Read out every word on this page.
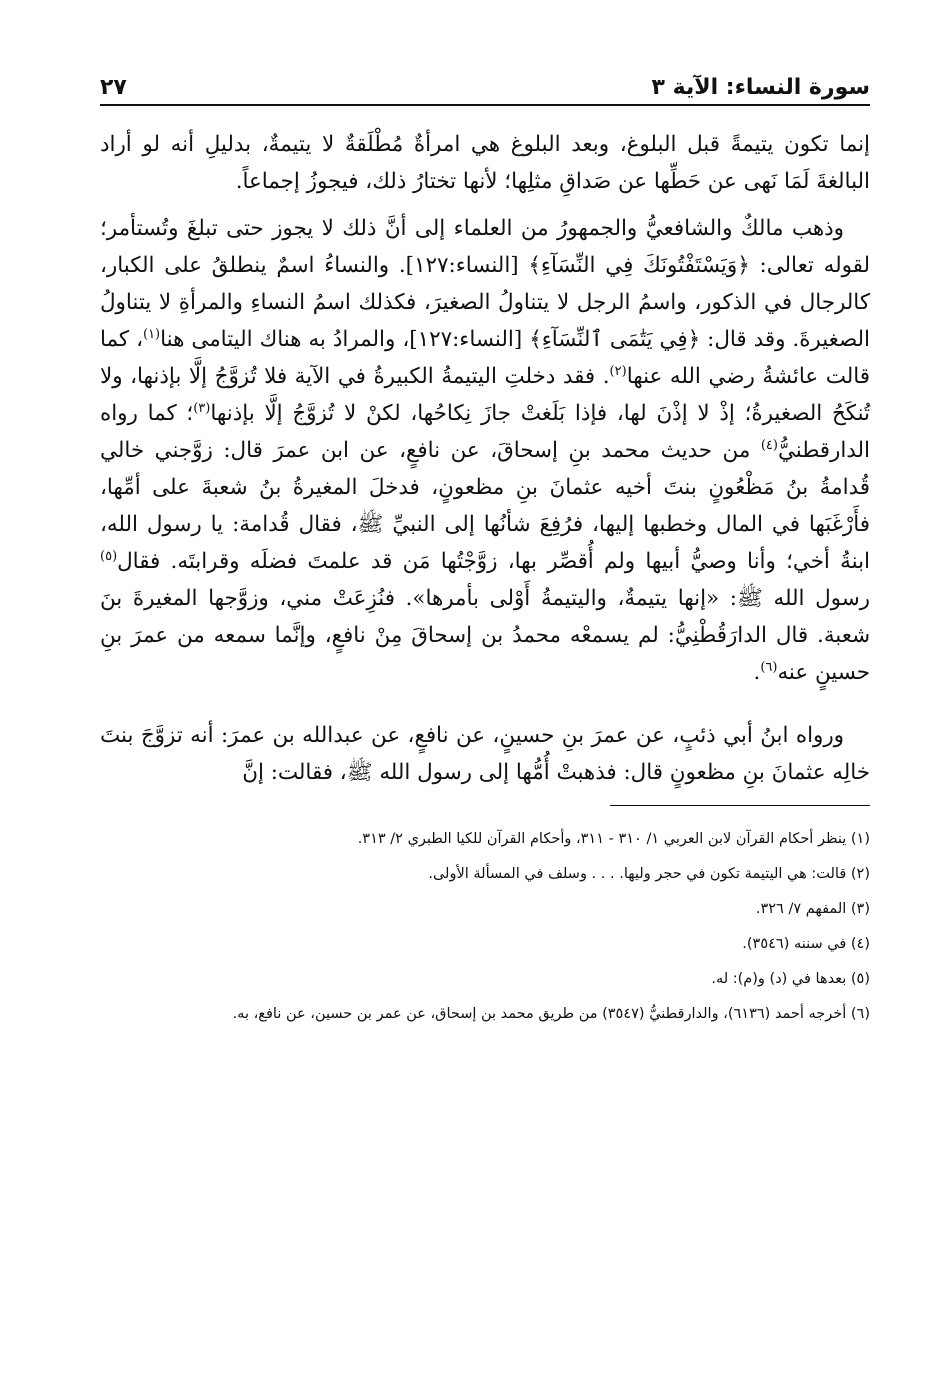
سورة النساء: الآية ٣
٢٧

إنما تكون يتيمةً قبل البلوغ، وبعد البلوغ هي امرأةٌ مُطْلَقةٌ لا يتيمةٌ، بدليلِ أنه لو أراد البالغةَ لَمَا نَهى عن حَطِّها عن صَداقِ مثلِها؛ لأنها تختارُ ذلك، فيجوزُ إجماعاً.

وذهب مالكٌ والشافعيُّ والجمهورُ من العلماء إلى أنَّ ذلك لا يجوز حتى تبلغَ وتُستأمر؛ لقوله تعالى: ﴿وَيَسْتَفْتُونَكَ فِي النِّسَآءِ﴾ [النساء:١٢٧]. والنساءُ اسمٌ ينطلقُ على الكبار، كالرجال في الذكور، واسمُ الرجل لا يتناولُ الصغيرَ، فكذلك اسمُ النساءِ والمرأةِ لا يتناولُ الصغيرةَ. وقد قال: ﴿فِي يَتَٰمَى ٱلنِّسَآءِ﴾ [النساء:١٢٧]، والمرادُ به هناك اليتامى هنا$^{(١)}$، كما قالت عائشةُ رضي الله عنها$^{(٢)}$. فقد دخلتِ اليتيمةُ الكبيرةُ في الآية فلا تُزوَّجُ إلَّا بإذنها، ولا تُنكَحُ الصغيرةُ؛ إذْ لا إذْنَ لها، فإذا بَلَغتْ جازَ نِكاحُها، لكنْ لا تُزوَّجُ إلَّا بإذنها$^{(٣)}$؛ كما رواه الدارقطنيُّ$^{(٤)}$ من حديث محمد بنِ إسحاقَ، عن نافعٍ، عن ابن عمرَ قال: زوَّجني خالي قُدامةُ بنُ مَظْعُونٍ بنتَ أخيه عثمانَ بنِ مظعونٍ، فدخلَ المغيرةُ بنُ شعبةَ على أمِّها، فأَرْغَبَها في المال وخطبها إليها، فرُفِعَ شأنُها إلى النبيِّ ﷺ، فقال قُدامة: يا رسول الله، ابنةُ أخي؛ وأنا وصيُّ أبيها ولم أُقصِّر بها، زوَّجْتُها مَن قد علمتَ فضلَه وقرابتَه. فقال$^{(٥)}$ رسول الله ﷺ: «إنها يتيمةٌ، واليتيمةُ أَوْلى بأمرها». فنُزِعَتْ مني، وزوَّجها المغيرةَ بنَ شعبة. قال الدارَقُطْنِيُّ: لم يسمعْه محمدُ بن إسحاقَ مِنْ نافعٍ، وإنَّما سمعه من عمرَ بنِ حسينٍ عنه$^{(٦)}$.

ورواه ابنُ أبي ذئبٍ، عن عمرَ بنِ حسينٍ، عن نافعٍ، عن عبدالله بن عمرَ: أنه تزوَّجَ بنتَ خالِه عثمانَ بنِ مظعونٍ قال: فذهبتْ أُمُّها إلى رسول الله ﷺ، فقالت: إنَّ

(١) ينظر أحكام القرآن لابن العربي ١/ ٣١٠ - ٣١١، وأحكام القرآن للكيا الطبري ٢/ ٣١٣.

(٢) قالت: هي اليتيمة تكون في حجر وليها. . . . وسلف في المسألة الأولى.

(٣) المفهم ٧/ ٣٢٦.

(٤) في سننه (٣٥٤٦).

(٥) بعدها في (د) و(م): له.

(٦) أخرجه أحمد (٦١٣٦)، والدارقطنيُّ (٣٥٤٧) من طريق محمد بن إسحاق، عن عمر بن حسين، عن نافع، به.
